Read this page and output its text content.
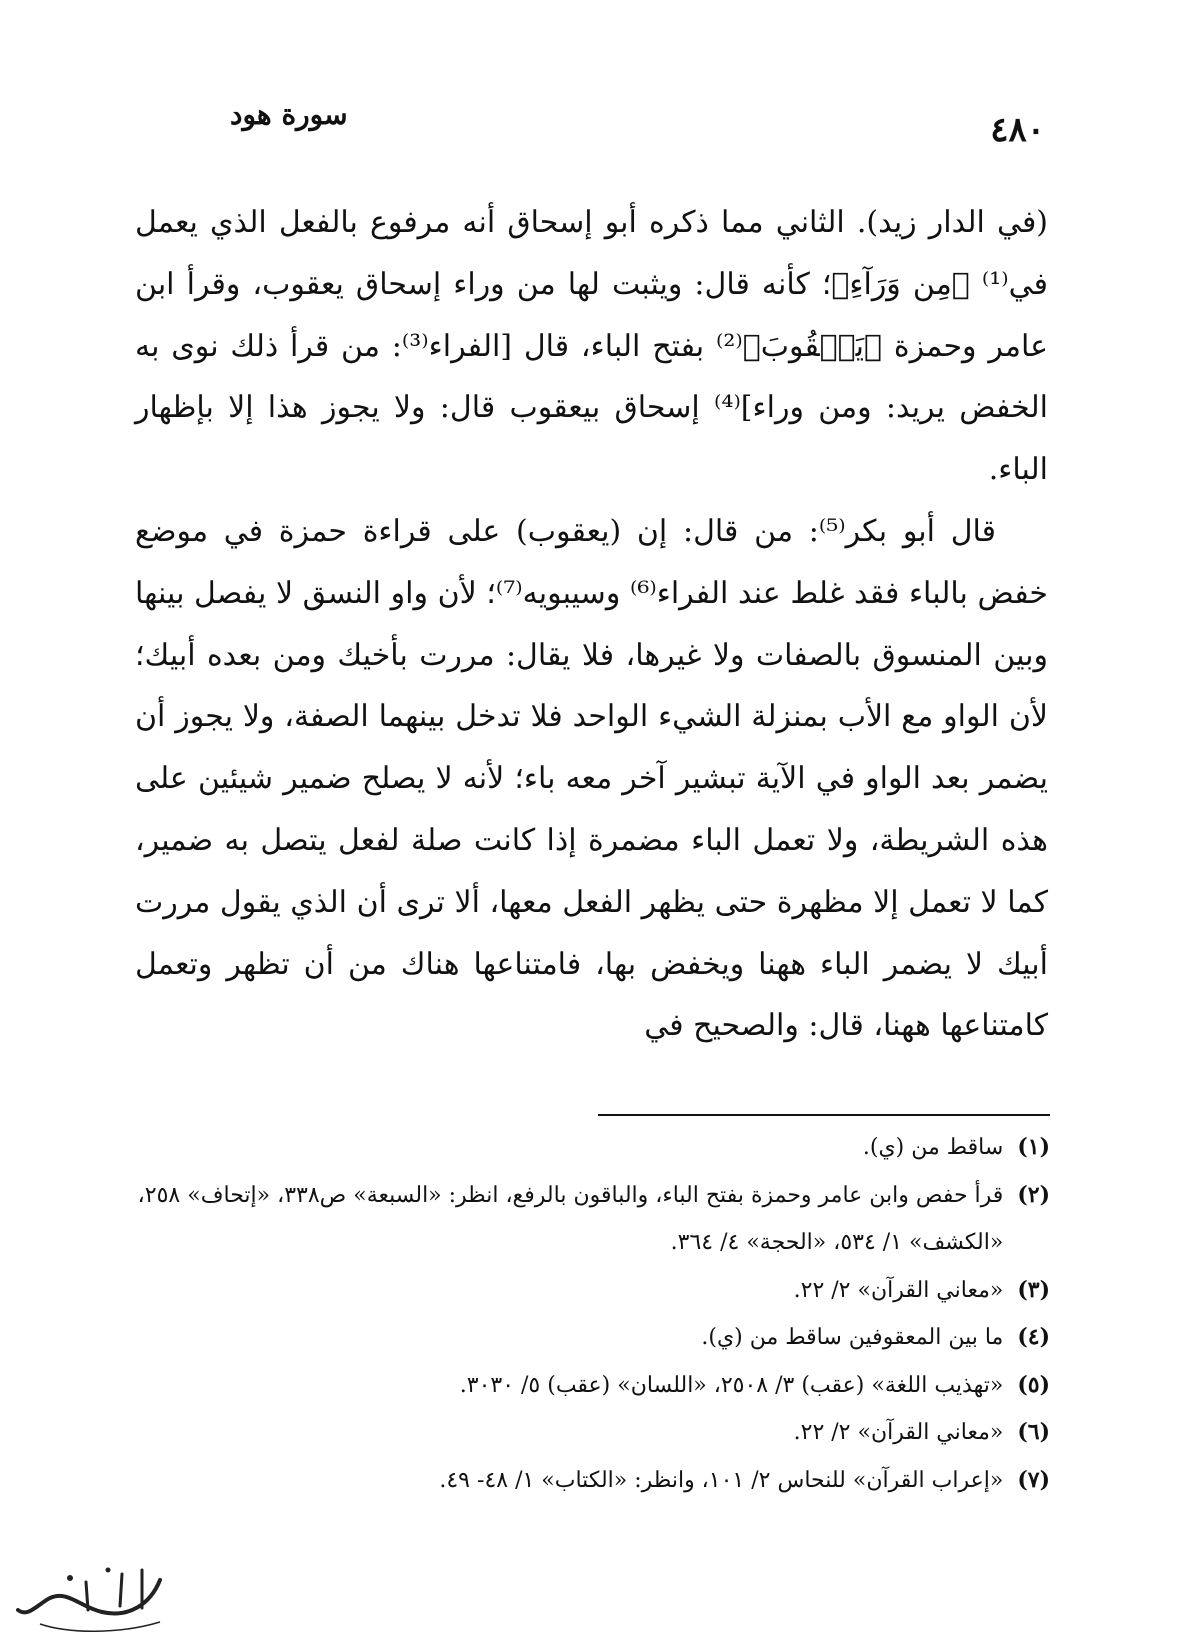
٤٨٠
سورة هود

(في الدار زيد). الثاني مما ذكره أبو إسحاق أنه مرفوع بالفعل الذي يعمل في⁽¹⁾ ﴿مِن وَرَآءِ﴾؛ كأنه قال: ويثبت لها من وراء إسحاق يعقوب، وقرأ ابن عامر وحمزة ﴿يَعۡقُوبَ﴾⁽²⁾ بفتح الباء، قال [الفراء⁽³⁾: من قرأ ذلك نوى به الخفض يريد: ومن وراء]⁽⁴⁾ إسحاق بيعقوب قال: ولا يجوز هذا إلا بإظهار الباء.

قال أبو بكر⁽⁵⁾: من قال: إن (يعقوب) على قراءة حمزة في موضع خفض بالباء فقد غلط عند الفراء⁽⁶⁾ وسيبويه⁽⁷⁾؛ لأن واو النسق لا يفصل بينها وبين المنسوق بالصفات ولا غيرها، فلا يقال: مررت بأخيك ومن بعده أبيك؛ لأن الواو مع الأب بمنزلة الشيء الواحد فلا تدخل بينهما الصفة، ولا يجوز أن يضمر بعد الواو في الآية تبشير آخر معه باء؛ لأنه لا يصلح ضمير شيئين على هذه الشريطة، ولا تعمل الباء مضمرة إذا كانت صلة لفعل يتصل به ضمير، كما لا تعمل إلا مظهرة حتى يظهر الفعل معها، ألا ترى أن الذي يقول مررت أبيك لا يضمر الباء ههنا ويخفض بها، فامتناعها هناك من أن تظهر وتعمل كامتناعها ههنا، قال: والصحيح في

(١)
ساقط من (ي).
(٢)
قرأ حفص وابن عامر وحمزة بفتح الباء، والباقون بالرفع، انظر: «السبعة» ص٣٣٨، «إتحاف» ٢٥٨، «الكشف» ١/ ٥٣٤، «الحجة» ٤/ ٣٦٤.
(٣)
«معاني القرآن» ٢/ ٢٢.
(٤)
ما بين المعقوفين ساقط من (ي).
(٥)
«تهذيب اللغة» (عقب) ٣/ ٢٥٠٨، «اللسان» (عقب) ٥/ ٣٠٣٠.
(٦)
«معاني القرآن» ٢/ ٢٢.
(٧)
«إعراب القرآن» للنحاس ٢/ ١٠١، وانظر: «الكتاب» ١/ ٤٨- ٤٩.
